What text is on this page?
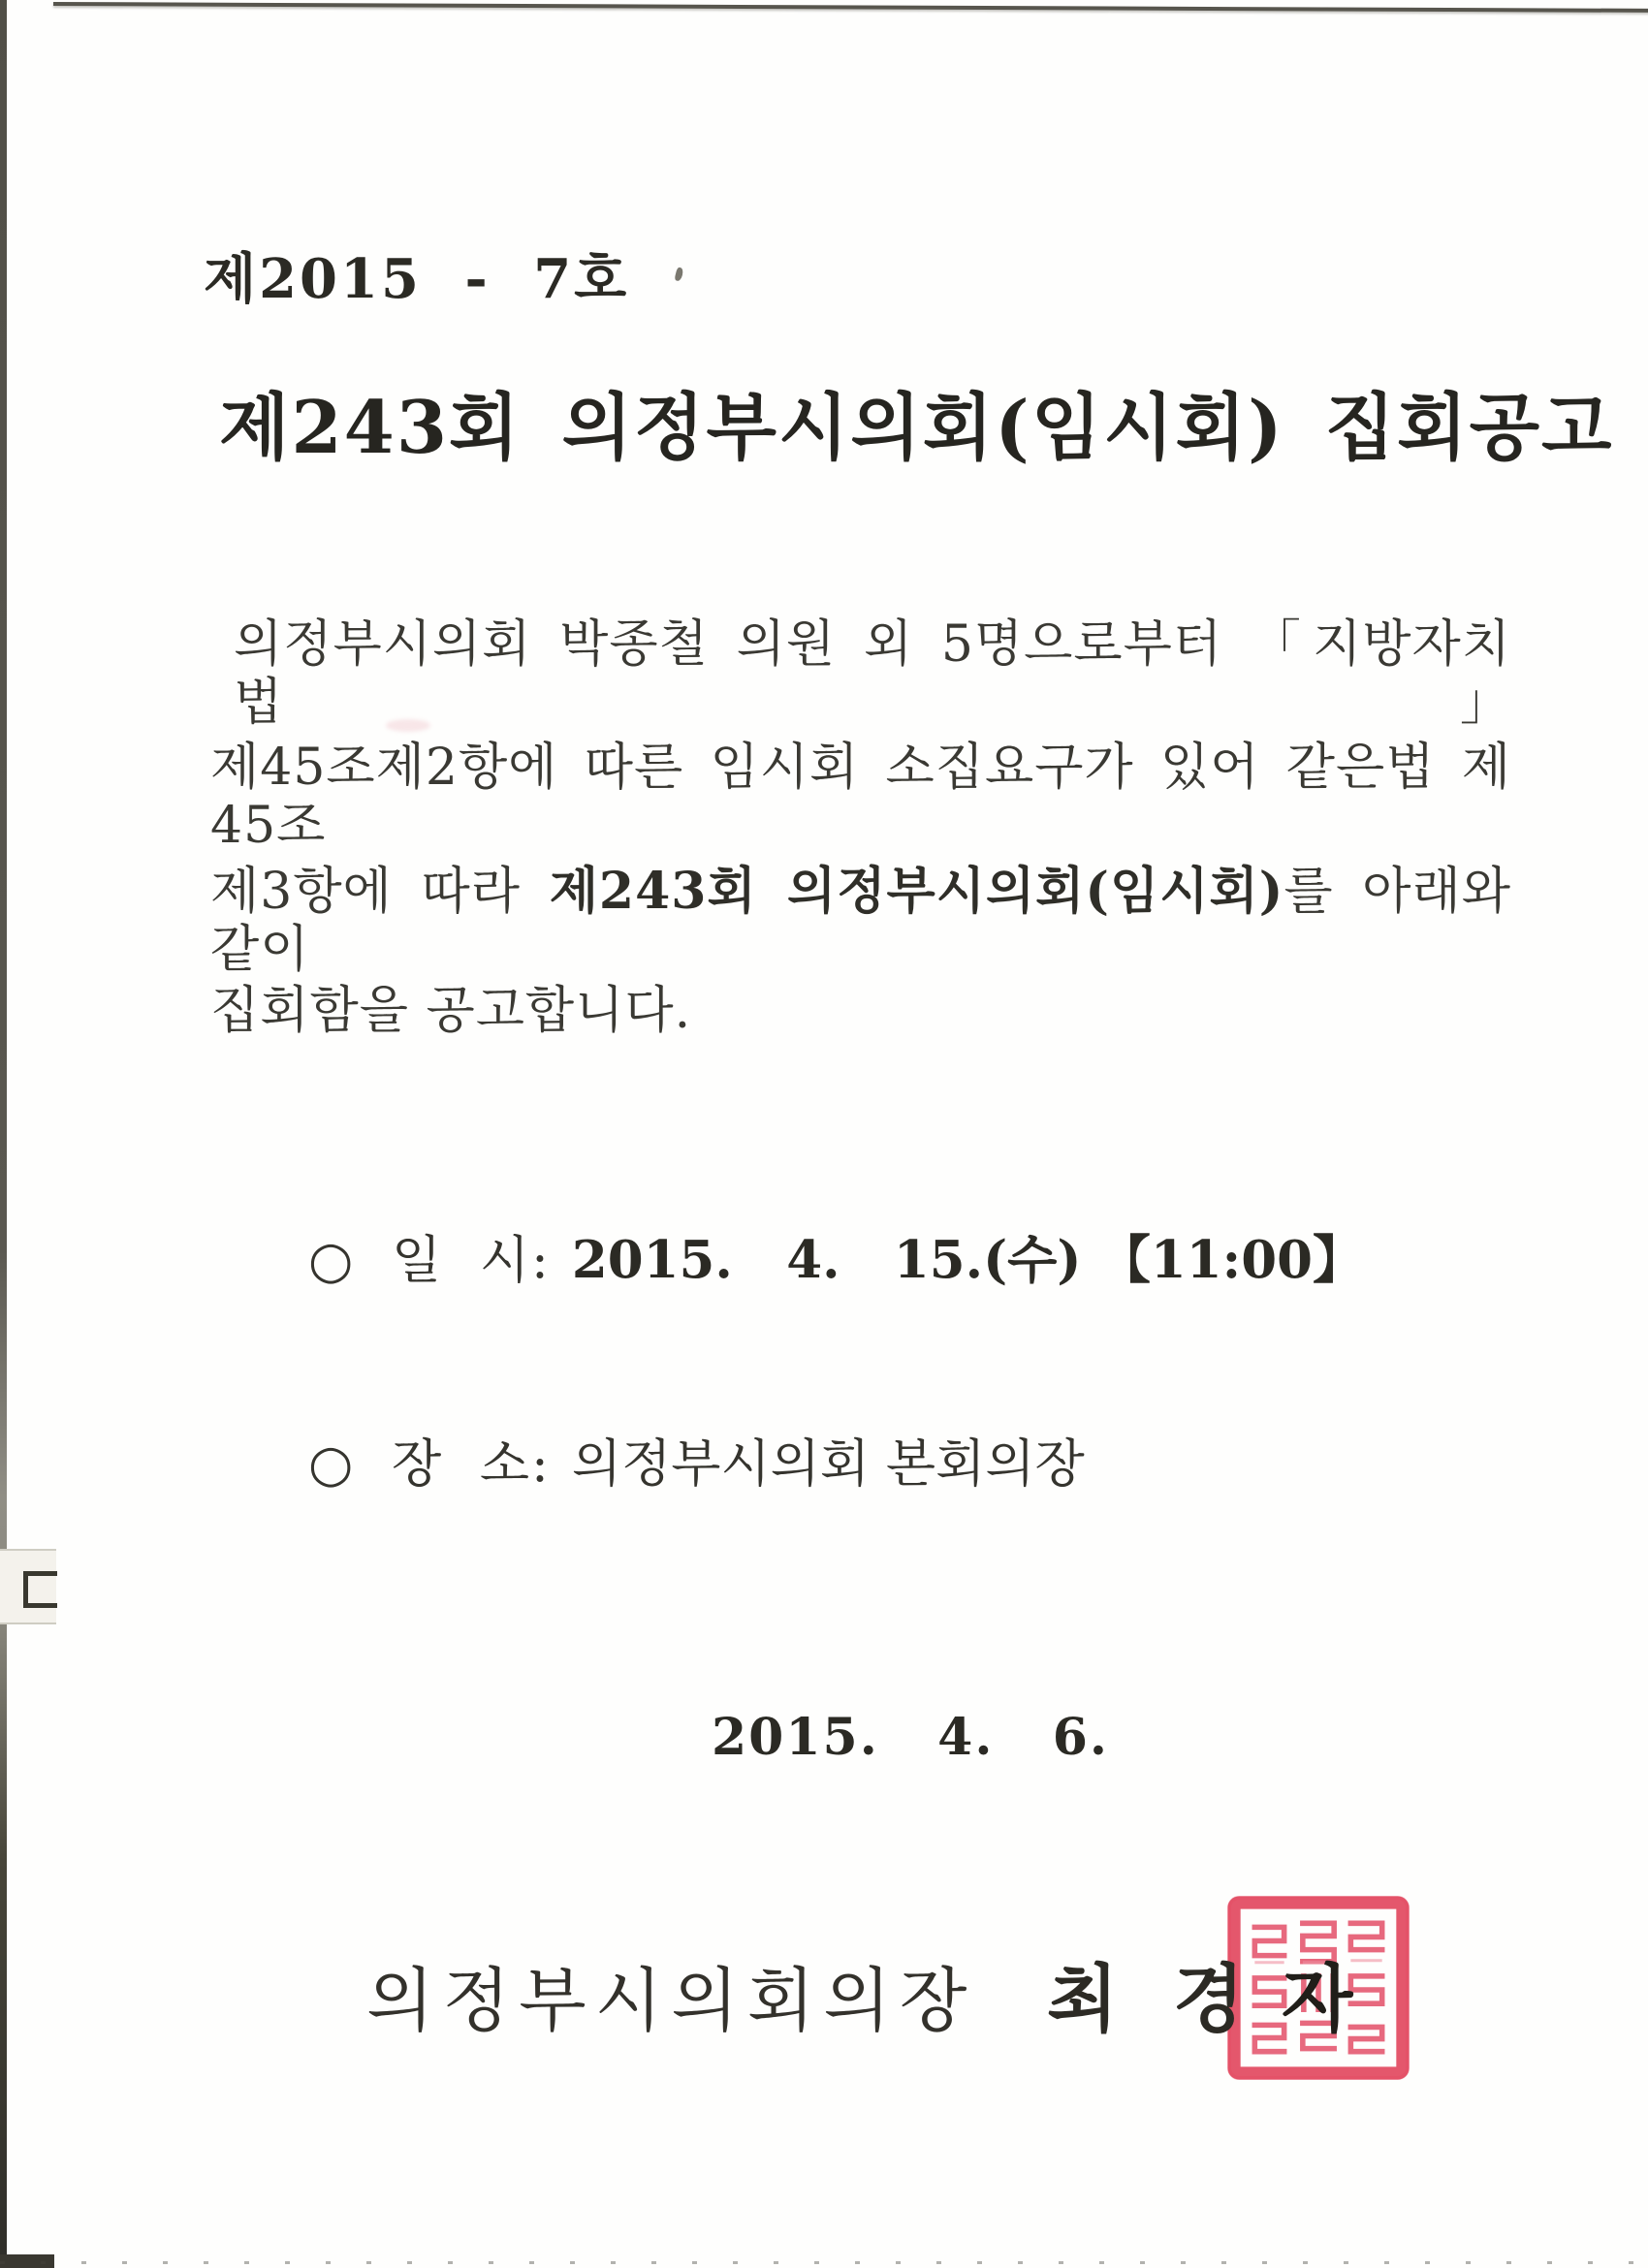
제2015 - 7호
제243회 의정부시의회(임시회) 집회공고
의정부시의회 박종철 의원 외 5명으로부터 「지방자치법」
제45조제2항에 따른 임시회 소집요구가 있어 같은법 제45조
제3항에 따라 제243회 의정부시의회(임시회)를 아래와 같이
집회함을 공고합니다.
○  일  시: 2015.   4.   15.(수) 【11:00】
○  장  소: 의정부시의회 본회의장
2015.   4.   6.
의정부시의회의장 최 경 자
